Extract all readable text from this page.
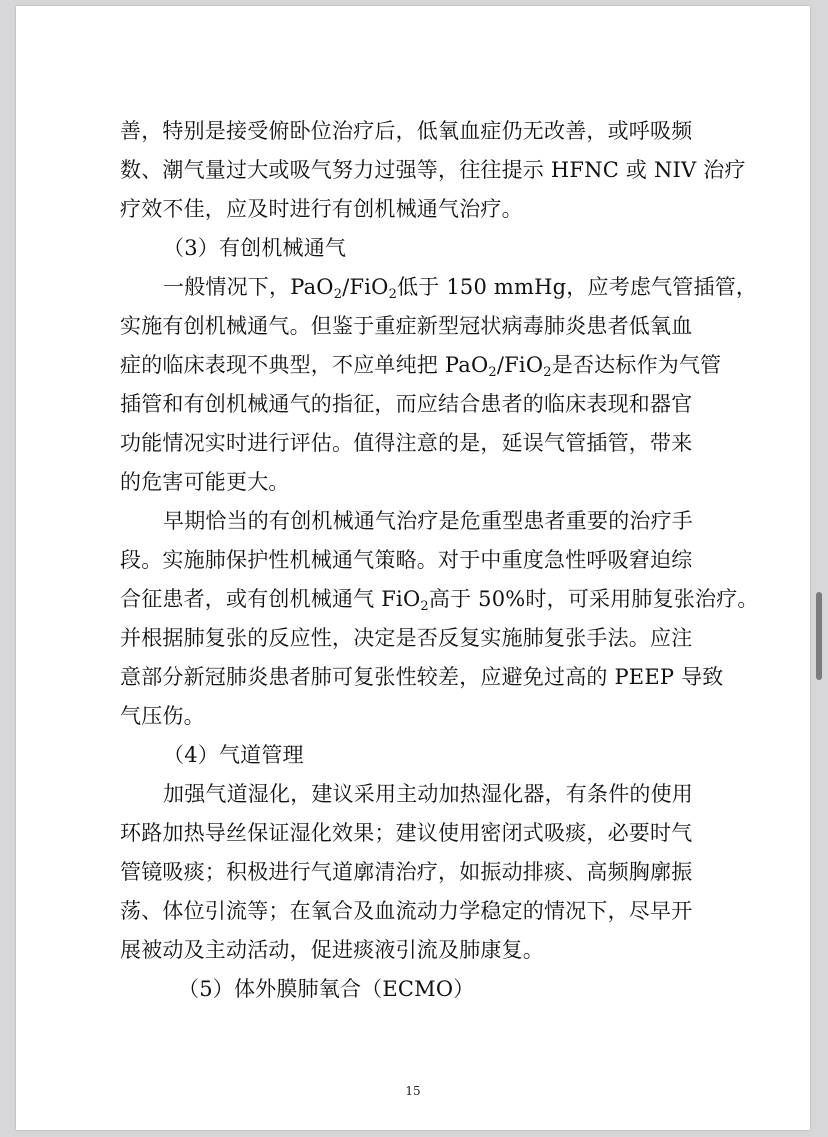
善，特别是接受俯卧位治疗后，低氧血症仍无改善，或呼吸频
数、潮气量过大或吸气努力过强等，往往提示 HFNC 或 NIV 治疗
疗效不佳，应及时进行有创机械通气治疗。
（3）有创机械通气
一般情况下，PaO$_2$/FiO$_2$低于 150 mmHg，应考虑气管插管，
实施有创机械通气。但鉴于重症新型冠状病毒肺炎患者低氧血
症的临床表现不典型，不应单纯把 PaO$_2$/FiO$_2$是否达标作为气管
插管和有创机械通气的指征，而应结合患者的临床表现和器官
功能情况实时进行评估。值得注意的是，延误气管插管，带来
的危害可能更大。
早期恰当的有创机械通气治疗是危重型患者重要的治疗手
段。实施肺保护性机械通气策略。对于中重度急性呼吸窘迫综
合征患者，或有创机械通气 FiO$_2$高于 50%时，可采用肺复张治疗。
并根据肺复张的反应性，决定是否反复实施肺复张手法。应注
意部分新冠肺炎患者肺可复张性较差，应避免过高的 PEEP 导致
气压伤。
（4）气道管理
加强气道湿化，建议采用主动加热湿化器，有条件的使用
环路加热导丝保证湿化效果；建议使用密闭式吸痰，必要时气
管镜吸痰；积极进行气道廓清治疗，如振动排痰、高频胸廓振
荡、体位引流等；在氧合及血流动力学稳定的情况下，尽早开
展被动及主动活动，促进痰液引流及肺康复。
（5）体外膜肺氧合（ECMO）
15
